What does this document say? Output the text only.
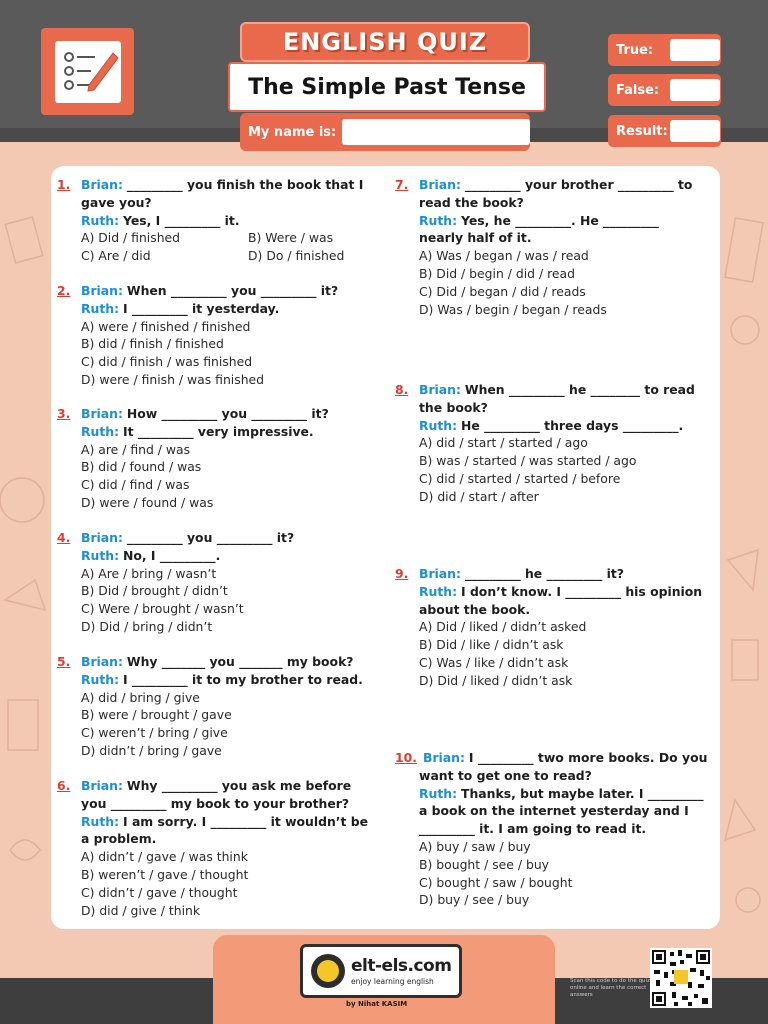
ENGLISH QUIZ
The Simple Past Tense
My name is:
True:
False:
Result:
1. Brian: _________ you finish the book that I
gave you?
Ruth: Yes, I _________ it.
A) Did / finished	B) Were / was
C) Are / did	D) Do / finished
2. Brian: When _________ you _________ it?
Ruth: I _________ it yesterday.
A) were / finished / finished
B) did / finish / finished
C) did / finish / was finished
D) were / finish / was finished
3. Brian: How _________ you _________ it?
Ruth: It _________ very impressive.
A) are / find / was
B) did / found / was
C) did / find / was
D) were / found / was
4. Brian: _________ you _________ it?
Ruth: No, I _________.
A) Are / bring / wasn’t
B) Did / brought / didn’t
C) Were / brought / wasn’t
D) Did / bring / didn’t
5. Brian: Why _______ you _______ my book?
Ruth: I _________ it to my brother to read.
A) did / bring / give
B) were / brought / gave
C) weren’t / bring / give
D) didn’t / bring / gave
6. Brian: Why _________ you ask me before
you _________ my book to your brother?
Ruth: I am sorry. I _________ it wouldn’t be
a problem.
A) didn’t / gave / was think
B) weren’t / gave / thought
C) didn’t / gave / thought
D) did / give / think
7. Brian: _________ your brother _________ to
read the book?
Ruth: Yes, he _________. He _________
nearly half of it.
A) Was / began / was / read
B) Did / begin / did / read
C) Did / began / did / reads
D) Was / begin / began / reads
8. Brian: When _________ he ________ to read
the book?
Ruth: He _________ three days _________.
A) did / start / started / ago
B) was / started / was started / ago
C) did / started / started / before
D) did / start / after
9. Brian: _________ he _________ it?
Ruth: I don’t know. I _________ his opinion
about the book.
A) Did / liked / didn’t asked
B) Did / like / didn’t ask
C) Was / like / didn’t ask
D) Did / liked / didn’t ask
10. Brian: I _________ two more books. Do you
want to get one to read?
Ruth: Thanks, but maybe later. I _________
a book on the internet yesterday and I
_________ it. I am going to read it.
A) buy / saw / buy
B) bought / see / buy
C) bought / saw / bought
D) buy / see / buy
elt-els.com
enjoy learning english
by Nihat KASIM
Scan this code to do the quiz online and learn the correct answers
